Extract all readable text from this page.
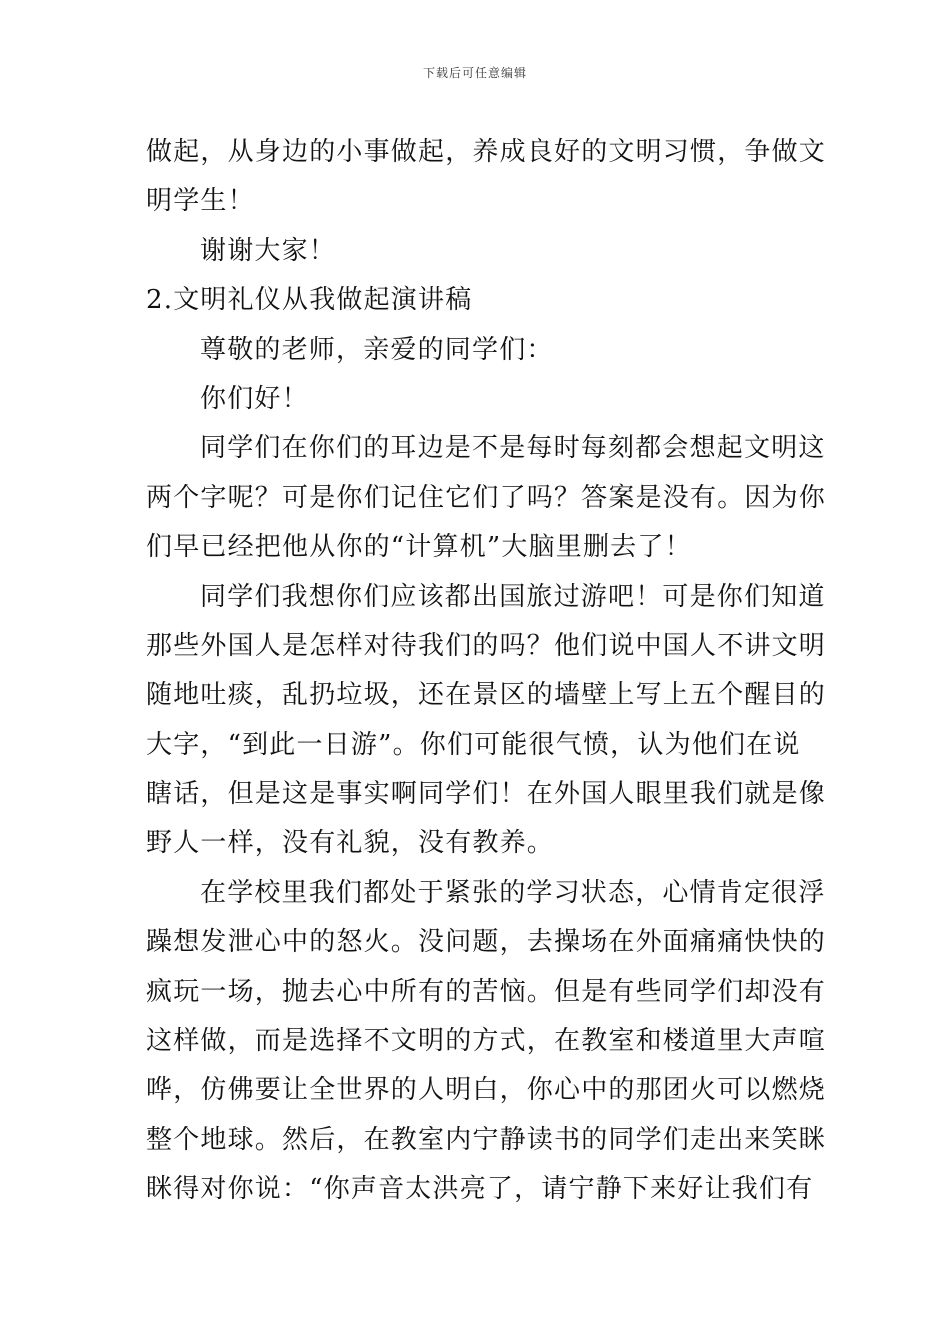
下载后可任意编辑
做起，从身边的小事做起，养成良好的文明习惯，争做文
明学生！
谢谢大家！
2.文明礼仪从我做起演讲稿
尊敬的老师，亲爱的同学们：
你们好！
同学们在你们的耳边是不是每时每刻都会想起文明这
两个字呢？可是你们记住它们了吗？答案是没有。因为你
们早已经把他从你的“计算机”大脑里删去了！
同学们我想你们应该都出国旅过游吧！可是你们知道
那些外国人是怎样对待我们的吗？他们说中国人不讲文明
随地吐痰，乱扔垃圾，还在景区的墙壁上写上五个醒目的
大字，“到此一日游”。你们可能很气愤，认为他们在说
瞎话，但是这是事实啊同学们！在外国人眼里我们就是像
野人一样，没有礼貌，没有教养。
在学校里我们都处于紧张的学习状态，心情肯定很浮
躁想发泄心中的怒火。没问题，去操场在外面痛痛快快的
疯玩一场，抛去心中所有的苦恼。但是有些同学们却没有
这样做，而是选择不文明的方式，在教室和楼道里大声喧
哗，仿佛要让全世界的人明白，你心中的那团火可以燃烧
整个地球。然后，在教室内宁静读书的同学们走出来笑眯
眯得对你说：“你声音太洪亮了，请宁静下来好让我们有
